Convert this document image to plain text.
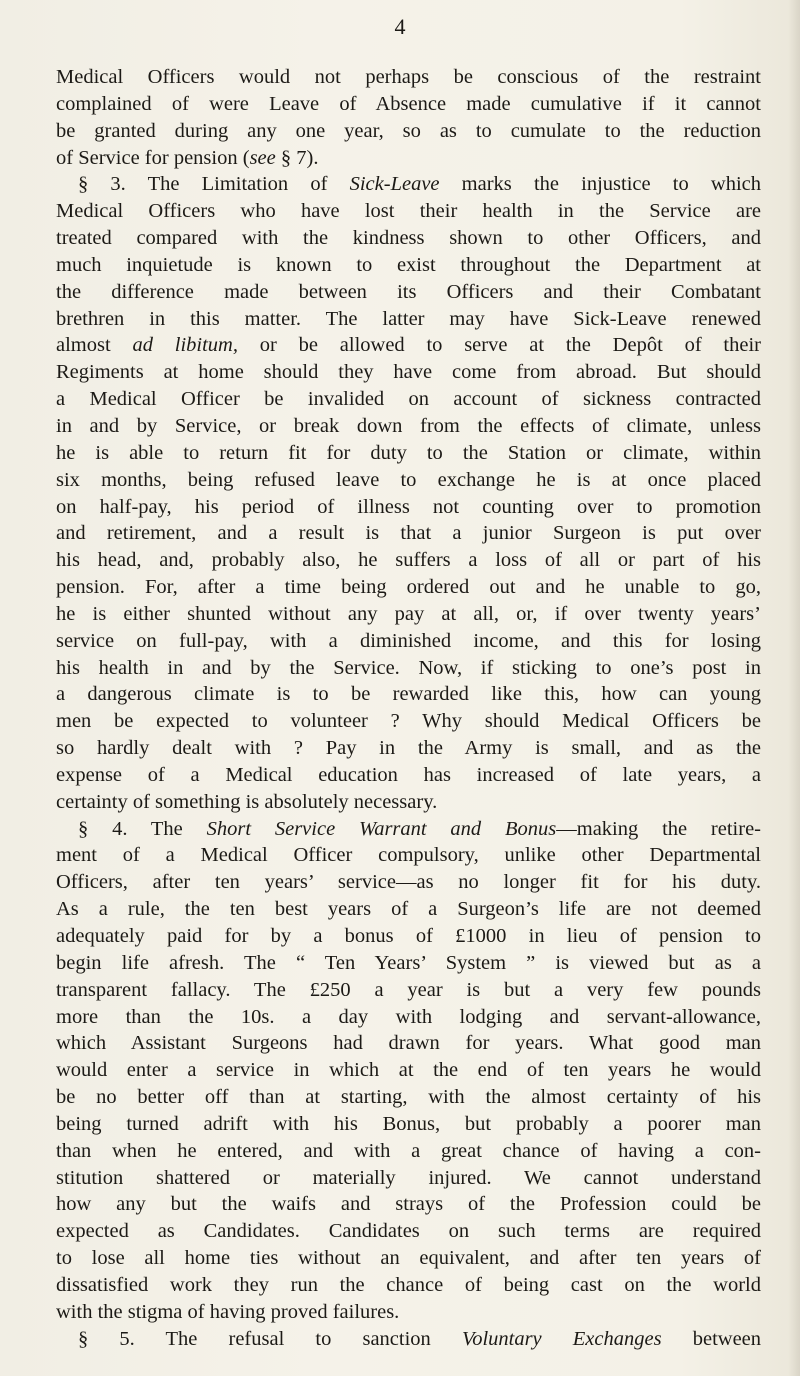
4
Medical Officers would not perhaps be conscious of the restraint
complained of were Leave of Absence made cumulative if it cannot
be granted during any one year, so as to cumulate to the reduction
of Service for pension (see § 7).
§ 3. The Limitation of Sick-Leave marks the injustice to which
Medical Officers who have lost their health in the Service are
treated compared with the kindness shown to other Officers, and
much inquietude is known to exist throughout the Department at
the difference made between its Officers and their Combatant
brethren in this matter. The latter may have Sick-Leave renewed
almost ad libitum, or be allowed to serve at the Depôt of their
Regiments at home should they have come from abroad. But should
a Medical Officer be invalided on account of sickness contracted
in and by Service, or break down from the effects of climate, unless
he is able to return fit for duty to the Station or climate, within
six months, being refused leave to exchange he is at once placed
on half-pay, his period of illness not counting over to promotion
and retirement, and a result is that a junior Surgeon is put over
his head, and, probably also, he suffers a loss of all or part of his
pension. For, after a time being ordered out and he unable to go,
he is either shunted without any pay at all, or, if over twenty years’
service on full-pay, with a diminished income, and this for losing
his health in and by the Service. Now, if sticking to one’s post in
a dangerous climate is to be rewarded like this, how can young
men be expected to volunteer ? Why should Medical Officers be
so hardly dealt with ? Pay in the Army is small, and as the
expense of a Medical education has increased of late years, a
certainty of something is absolutely necessary.
§ 4. The Short Service Warrant and Bonus—making the retire-
ment of a Medical Officer compulsory, unlike other Departmental
Officers, after ten years’ service—as no longer fit for his duty.
As a rule, the ten best years of a Surgeon’s life are not deemed
adequately paid for by a bonus of £1000 in lieu of pension to
begin life afresh. The “ Ten Years’ System ” is viewed but as a
transparent fallacy. The £250 a year is but a very few pounds
more than the 10s. a day with lodging and servant-allowance,
which Assistant Surgeons had drawn for years. What good man
would enter a service in which at the end of ten years he would
be no better off than at starting, with the almost certainty of his
being turned adrift with his Bonus, but probably a poorer man
than when he entered, and with a great chance of having a con-
stitution shattered or materially injured. We cannot understand
how any but the waifs and strays of the Profession could be
expected as Candidates. Candidates on such terms are required
to lose all home ties without an equivalent, and after ten years of
dissatisfied work they run the chance of being cast on the world
with the stigma of having proved failures.
§ 5. The refusal to sanction Voluntary Exchanges between
